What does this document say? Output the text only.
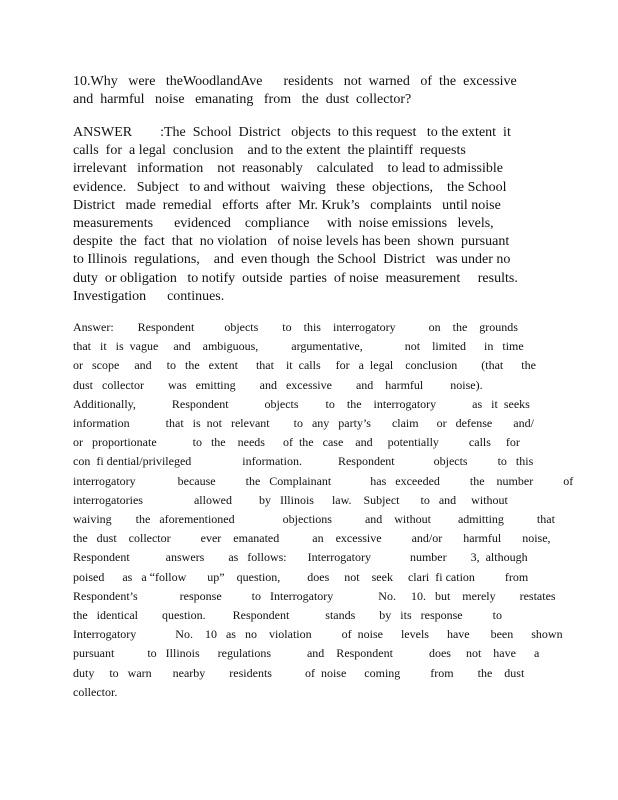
10.Why   were   theWoodlandAve      residents   not  warned   of  the  excessive
and  harmful   noise   emanating   from   the  dust  collector?
ANSWER        :The  School  District   objects  to this request   to the extent  it
calls  for  a legal  conclusion    and to the extent  the plaintiff  requests
irrelevant   information    not  reasonably    calculated    to lead to admissible
evidence.   Subject   to and without   waiving   these  objections,    the School
District   made  remedial   efforts  after  Mr. Kruk’s   complaints   until noise
measurements      evidenced    compliance     with  noise emissions   levels,
despite  the  fact  that  no violation   of noise levels has been  shown  pursuant
to Illinois  regulations,    and  even though  the School  District   was under no
duty  or obligation   to notify  outside  parties  of noise  measurement     results.
Investigation      continues.
Answer:        Respondent          objects        to    this    interrogatory           on    the    grounds
that   it   is  vague     and    ambiguous,           argumentative,              not    limited      in   time
or   scope     and     to   the   extent      that    it  calls     for   a  legal    conclusion        (that      the
dust   collector        was   emitting        and   excessive        and    harmful         noise).
Additionally,            Respondent            objects         to    the    interrogatory            as   it  seeks
information            that   is  not   relevant        to   any   party’s       claim      or   defense       and/
or   proportionate            to   the    needs      of  the   case    and     potentially          calls     for
con  fi dential/privileged                 information.            Respondent             objects          to   this
interrogatory              because          the   Complainant             has   exceeded          the    number          of
interrogatories                 allowed         by   Illinois      law.    Subject       to   and     without
waiving        the   aforementioned                objections           and    without         admitting           that
the   dust    collector          ever    emanated           an    excessive          and/or       harmful       noise,
Respondent            answers        as   follows:       Interrogatory             number        3,  although
poised      as   a “follow       up”    question,         does     not    seek     clari  fi cation          from
Respondent’s              response          to   Interrogatory               No.     10.   but    merely        restates
the   identical        question.         Respondent            stands        by   its   response          to
Interrogatory             No.    10   as   no    violation          of  noise      levels      have       been      shown
pursuant           to   Illinois      regulations            and    Respondent            does     not    have      a
duty     to   warn       nearby        residents           of  noise      coming          from        the    dust
collector.
